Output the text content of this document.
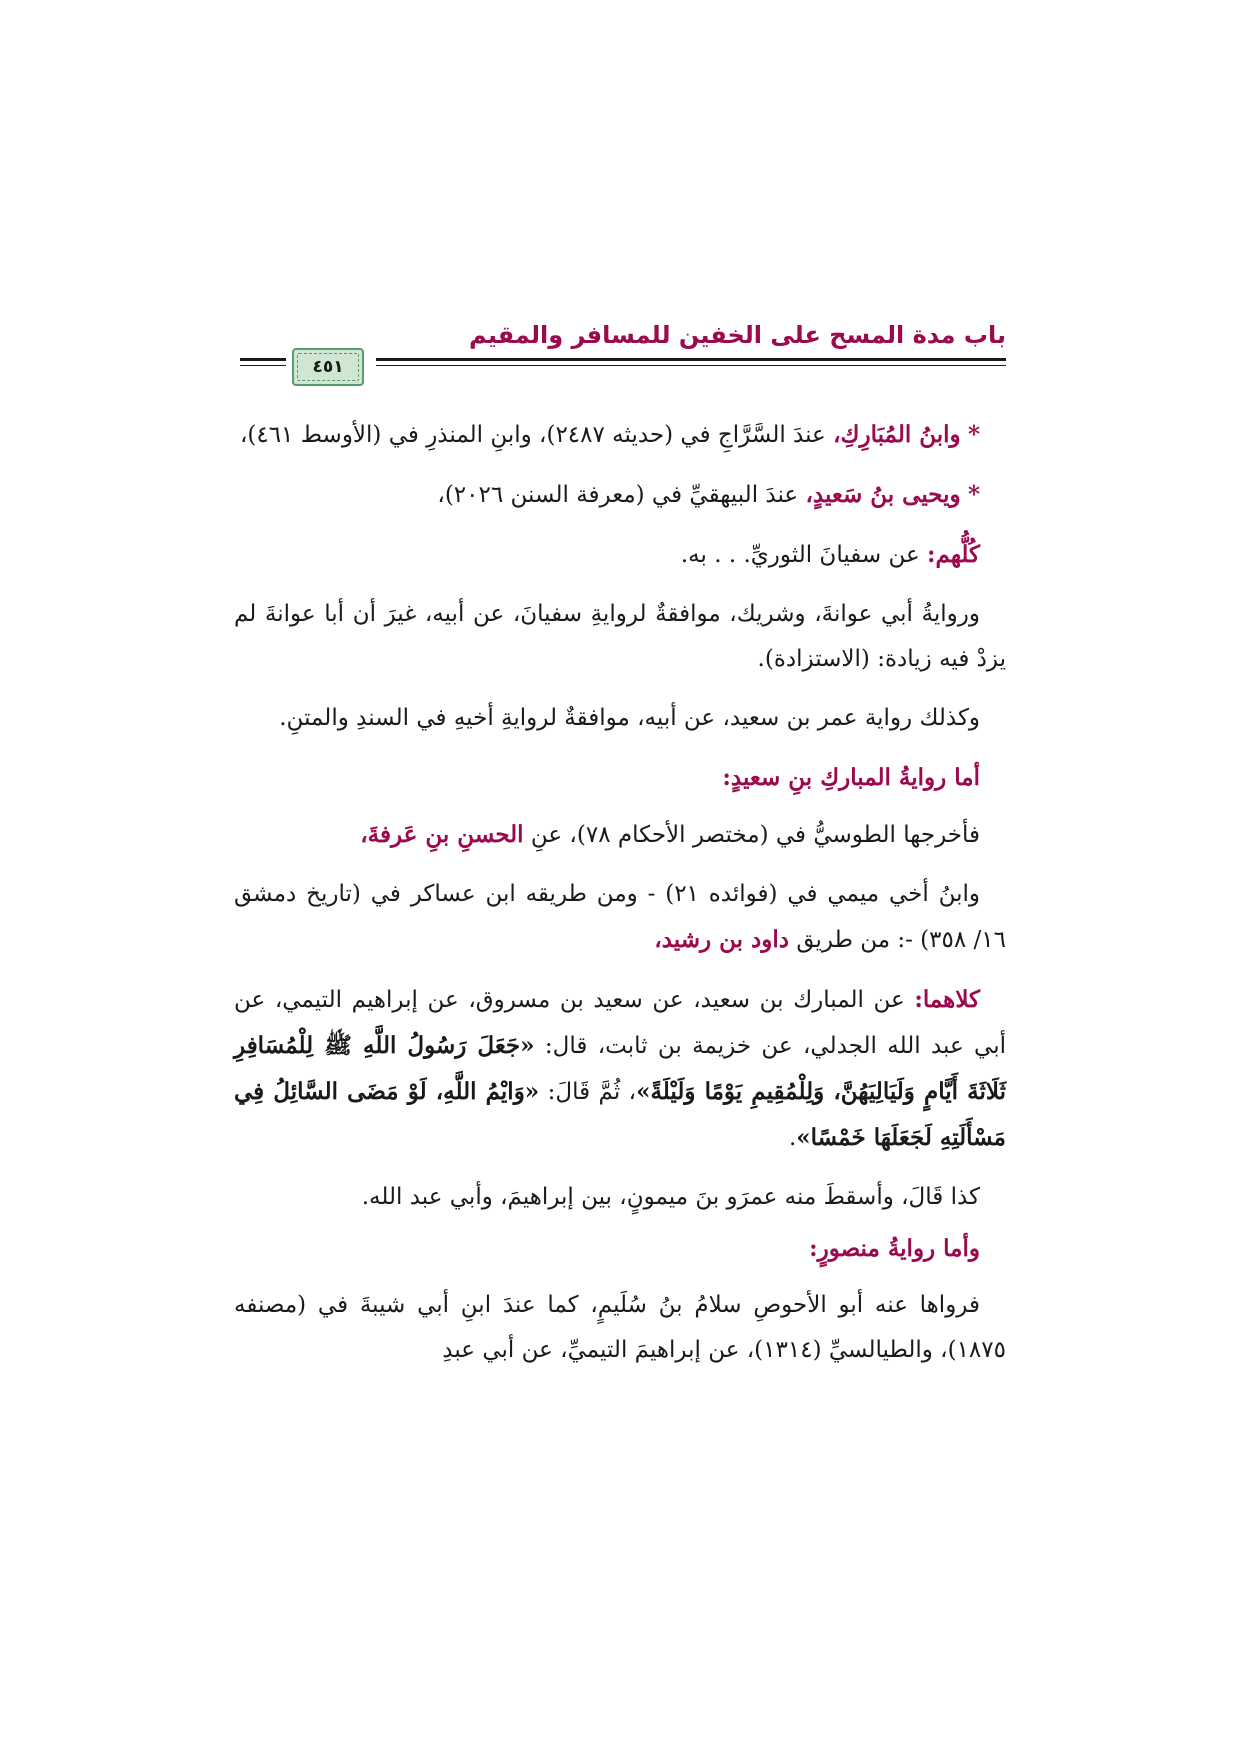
باب مدة المسح على الخفين للمسافر والمقيم
٤٥١

* وابنُ المُبَارِكِ، عندَ السَّرَّاجِ في (حديثه ٢٤٨٧)، وابنِ المنذرِ في (الأوسط ٤٦١)،

* ويحيى بنُ سَعيدٍ، عندَ البيهقيِّ في (معرفة السنن ٢٠٢٦)،

كُلُّهم: عن سفيانَ الثوريِّ. . . به.

وروايةُ أبي عوانةَ، وشريك، موافقةٌ لروايةِ سفيانَ، عن أبيه، غيرَ أن أبا عوانةَ لم يزدْ فيه زيادة: (الاستزادة).

وكذلك رواية عمر بن سعيد، عن أبيه، موافقةٌ لروايةِ أخيهِ في السندِ والمتنِ.

أما روايةُ المباركِ بنِ سعيدٍ:

فأخرجها الطوسيُّ في (مختصر الأحكام ٧٨)، عنِ الحسنِ بنِ عَرفةَ،

وابنُ أخي ميمي في (فوائده ٢١) - ومن طريقه ابن عساكر في (تاريخ دمشق ١٦/ ٣٥٨) -: من طريق داود بن رشيد،

كلاهما: عن المبارك بن سعيد، عن سعيد بن مسروق، عن إبراهيم التيمي، عن أبي عبد الله الجدلي، عن خزيمة بن ثابت، قال: «جَعَلَ رَسُولُ اللَّهِ ﷺ لِلْمُسَافِرِ ثَلَاثَةَ أَيَّامٍ وَلَيَالِيَهُنَّ، وَلِلْمُقِيمِ يَوْمًا وَلَيْلَةً»، ثُمَّ قَالَ: «وَايْمُ اللَّهِ، لَوْ مَضَى السَّائِلُ فِي مَسْأَلَتِهِ لَجَعَلَهَا خَمْسًا».

كذا قَالَ، وأسقطَ منه عمرَو بنَ ميمونٍ، بين إبراهيمَ، وأبي عبد الله.

وأما روايةُ منصورٍ:

فرواها عنه أبو الأحوصِ سلامُ بنُ سُلَيمٍ، كما عندَ ابنِ أبي شيبةَ في (مصنفه ١٨٧٥)، والطيالسيِّ (١٣١٤)، عن إبراهيمَ التيميِّ، عن أبي عبدِ
